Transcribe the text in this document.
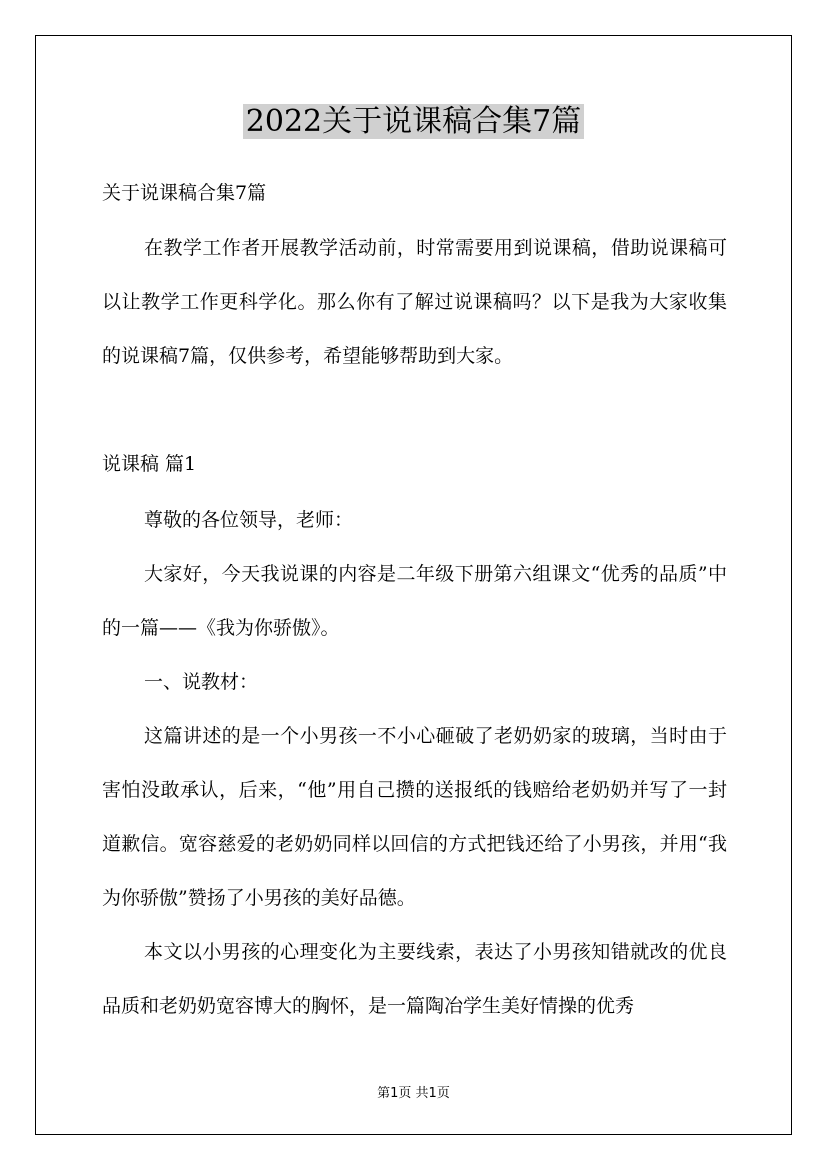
2022关于说课稿合集7篇
关于说课稿合集7篇

在教学工作者开展教学活动前，时常需要用到说课稿，借助说课稿可以让教学工作更科学化。那么你有了解过说课稿吗？以下是我为大家收集的说课稿7篇，仅供参考，希望能够帮助到大家。

说课稿 篇1

尊敬的各位领导，老师：

大家好，今天我说课的内容是二年级下册第六组课文“优秀的品质”中的一篇——《我为你骄傲》。

一、说教材：

这篇讲述的是一个小男孩一不小心砸破了老奶奶家的玻璃，当时由于害怕没敢承认，后来，“他”用自己攒的送报纸的钱赔给老奶奶并写了一封道歉信。宽容慈爱的老奶奶同样以回信的方式把钱还给了小男孩，并用“我为你骄傲”赞扬了小男孩的美好品德。

本文以小男孩的心理变化为主要线索，表达了小男孩知错就改的优良品质和老奶奶宽容博大的胸怀，是一篇陶冶学生美好情操的优秀

第1页 共1页
